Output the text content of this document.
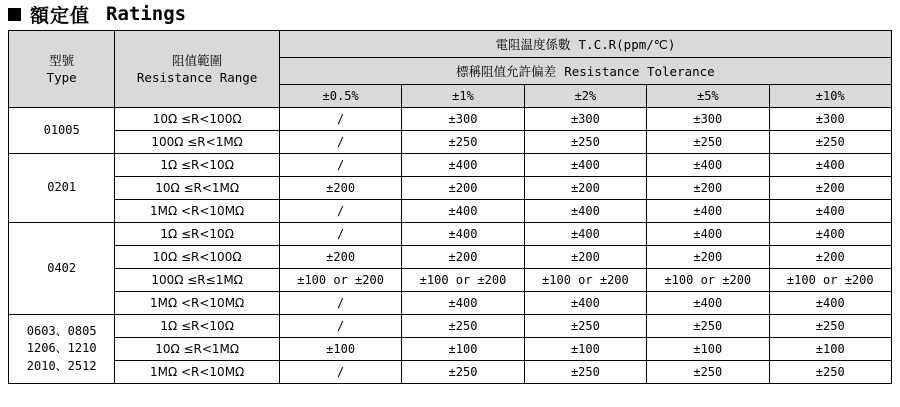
額定值 Ratings
型號
Type

阻值範圍
Resistance Range
	電阻温度係數 T.C.R(ppm/℃)
		標稱阻值允許偏差 Resistance Tolerance				
		±0.5%	±1%	±2%	±5%	±10%
01005	10Ω ≤R<100Ω	/	±300	±300	±300	±300
	100Ω ≤R<1MΩ	/	±250	±250	±250	±250
0201	1Ω ≤R<10Ω	/	±400	±400	±400	±400
	10Ω ≤R<1MΩ	±200	±200	±200	±200	±200
	1MΩ <R<10MΩ	/	±400	±400	±400	±400
0402	1Ω ≤R<10Ω	/	±400	±400	±400	±400
	10Ω ≤R<100Ω	±200	±200	±200	±200	±200
	100Ω ≤R≤1MΩ	±100 or ±200	±100 or ±200	±100 or ±200	±100 or ±200	±100 or ±200
	1MΩ <R<10MΩ	/	±400	±400	±400	±400

0603、0805
1206、1210
2010、2512	1Ω ≤R<10Ω	/	±250	±250	±250	±250
	10Ω ≤R<1MΩ	±100	±100	±100	±100	±100
	1MΩ <R<10MΩ	/	±250	±250	±250	±250
